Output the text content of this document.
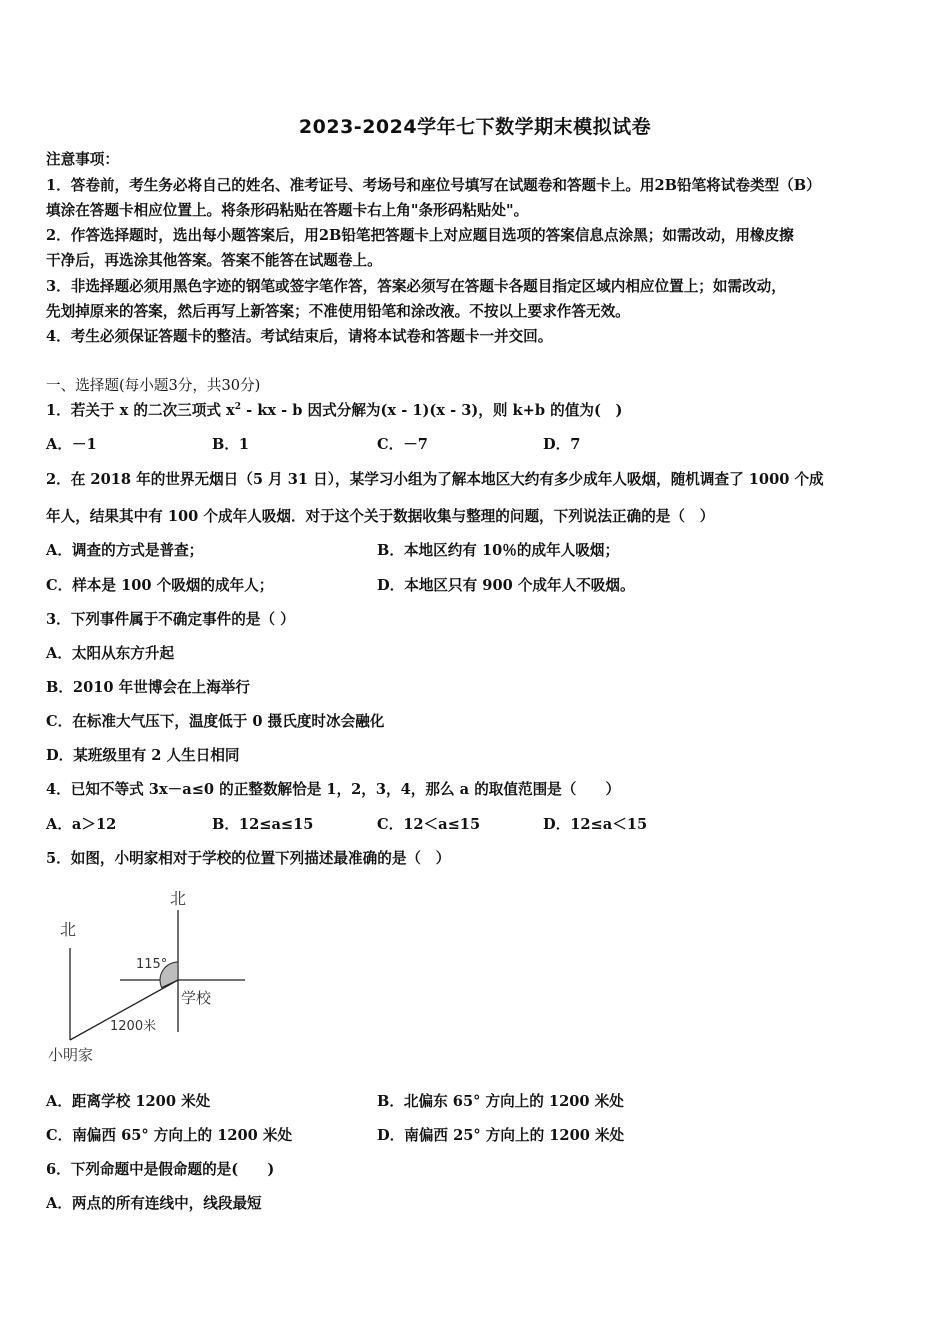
2023-2024学年七下数学期末模拟试卷
注意事项：
1．答卷前，考生务必将自己的姓名、准考证号、考场号和座位号填写在试题卷和答题卡上。用2B铅笔将试卷类型（B）
填涂在答题卡相应位置上。将条形码粘贴在答题卡右上角"条形码粘贴处"。
2．作答选择题时，选出每小题答案后，用2B铅笔把答题卡上对应题目选项的答案信息点涂黑；如需改动，用橡皮擦
干净后，再选涂其他答案。答案不能答在试题卷上。
3．非选择题必须用黑色字迹的钢笔或签字笔作答，答案必须写在答题卡各题目指定区域内相应位置上；如需改动，
先划掉原来的答案，然后再写上新答案；不准使用铅笔和涂改液。不按以上要求作答无效。
4．考生必须保证答题卡的整洁。考试结束后，请将本试卷和答题卡一并交回。
一、选择题(每小题3分，共30分)
1．若关于 x 的二次三项式 $x^2$ - kx - b 因式分解为(x - 1)(x - 3)，则 k+b 的值为(　)
A．－1	B．1	C．－7	D．7
2．在 2018 年的世界无烟日（5 月 31 日），某学习小组为了解本地区大约有多少成年人吸烟，随机调查了 1000 个成
年人，结果其中有 100 个成年人吸烟．对于这个关于数据收集与整理的问题，下列说法正确的是（　）
A．调查的方式是普查；	B．本地区约有 10％的成年人吸烟；
C．样本是 100 个吸烟的成年人；	D．本地区只有 900 个成年人不吸烟。
3．下列事件属于不确定事件的是（ ）
A．太阳从东方升起
B．2010 年世博会在上海举行
C．在标准大气压下，温度低于 0 摄氏度时冰会融化
D．某班级里有 2 人生日相同
4．已知不等式 3x－a≤0 的正整数解恰是 1，2，3，4，那么 a 的取值范围是（　　）
A．a＞12	B．12≤a≤15	C．12＜a≤15	D．12≤a＜15
5．如图，小明家相对于学校的位置下列描述最准确的是（　）
北
北
115°
学校
1200米
小明家
A．距离学校 1200 米处	B．北偏东 65° 方向上的 1200 米处
C．南偏西 65° 方向上的 1200 米处	D．南偏西 25° 方向上的 1200 米处
6．下列命题中是假命题的是(　　)
A．两点的所有连线中，线段最短
